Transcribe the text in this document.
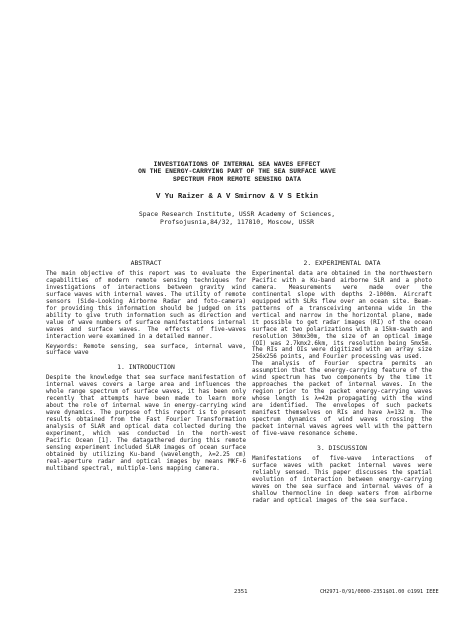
INVESTIGATIONS OF INTERNAL SEA WAVES EFFECT
ON THE ENERGY-CARRYING PART OF THE SEA SURFACE WAVE
SPECTRUM FROM REMOTE SENSING DATA
V Yu Raizer & A V Smirnov & V S Etkin
Space Research Institute, USSR Academy of Sciences,
Profsojusnia,84/32, 117810, Moscow, USSR
ABSTRACT

The main objective of this report was to evaluate the capabilities of modern remote sensing techniques for investigations of interactions between gravity wind surface waves with internal waves. The utility of remote sensors (Side-Looking Airborne Radar and foto-camera) for providing this information should be judged on its ability to give truth information such as direction and value of wave numbers of surface manifestations internal waves and surface waves. The effects of five-waves interaction were examined in a detailed manner.

Keywords: Remote sensing, sea surface, internal wave, surface wave

1. INTRODUCTION

Despite the knowledge that sea surface manifestation of internal waves covers a large area and influences the whole range spectrum of surface waves, it has been only recently that attempts have been made to learn more about the role of internal wave in energy-carrying wind wave dynamics. The purpose of this report is to present results obtained from the Fast Fourier Transformation analysis of SLAR and optical data collected during the experiment, which was conducted in the north-west Pacific Ocean [1]. The datagathered during this remote sensing experiment included SLAR images of ocean surface obtained by utilizing Ku-band (wavelength, λ=2.25 cm) real-aperture radar and optical images by means MKF-6 multiband spectral, multiple-lens mapping camera.

2. EXPERIMENTAL DATA

Experimental data are obtained in the northwestern Pacific with a Ku-band airborne SLR and a photo camera. Measurements were made over the continental slope with depths 2-1000m. Aircraft equipped with SLRs flew over an ocean site. Beam-patterns of a transceiving antenna wide in the vertical and narrow in the horizontal plane, made it possible to get radar images (RI) of the ocean surface at two polarizations with a 15km-swath and resolution 30mx30m, the size of an optical image (OI) was 2.7kmx2.6km, its resolution being 5mx5m. The RIs and OIs were digitized with an array size 256x256 points, and Fourier processing was used.

The analysis of Fourier spectra permits an assumption that the energy-carrying feature of the wind spectrum has two components by the time it approaches the packet of internal waves. In the region prior to the packet energy-carrying waves whose length is λ=42m propagating with the wind are identified. The envelopes of such packets manifest themselves on RIs and have λ=132 m. The spectrum dynamics of wind waves crossing the packet internal waves agrees well with the pattern of five-wave resonance scheme.

3. DISCUSSION

Manifestations of five-wave interactions of surface waves with packet internal waves were reliably sensed. This paper discusses the spatial evolution of interaction between energy-carrying waves on the sea surface and internal waves of a shallow thermocline in deep waters from airborne radar and optical images of the sea surface.

2351	CH2971-0/91/0000-2351$01.00 ©1991 IEEE
